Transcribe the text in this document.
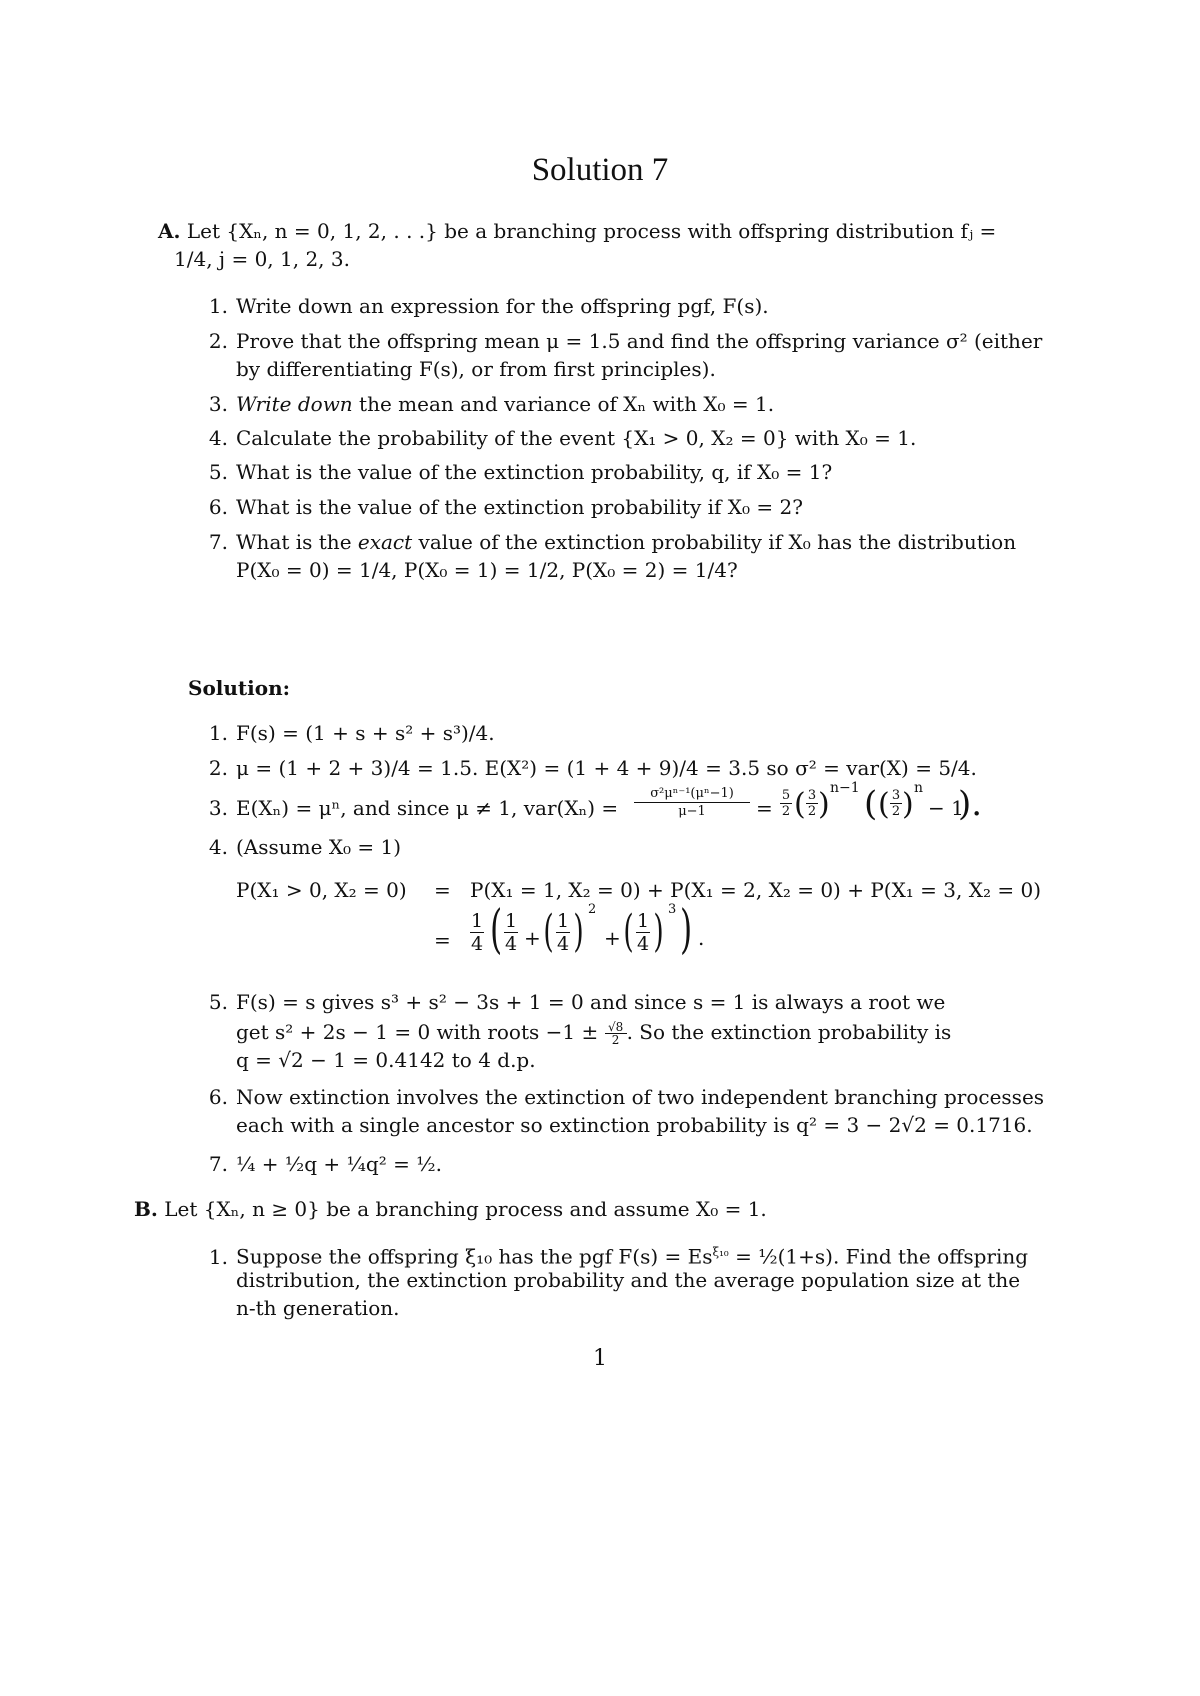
Solution 7
A. Let {Xₙ, n = 0, 1, 2, . . .} be a branching process with offspring distribution fⱼ =
1/4, j = 0, 1, 2, 3.
1. Write down an expression for the offspring pgf, F(s).
2. Prove that the offspring mean μ = 1.5 and find the offspring variance σ² (either
by differentiating F(s), or from first principles).
3. Write down the mean and variance of Xₙ with X₀ = 1.
4. Calculate the probability of the event {X₁ > 0, X₂ = 0} with X₀ = 1.
5. What is the value of the extinction probability, q, if X₀ = 1?
6. What is the value of the extinction probability if X₀ = 2?
7. What is the exact value of the extinction probability if X₀ has the distribution
P(X₀ = 0) = 1/4, P(X₀ = 1) = 1/2, P(X₀ = 2) = 1/4?
Solution:
1. F(s) = (1 + s + s² + s³)/4.
2. μ = (1 + 2 + 3)/4 = 1.5. E(X²) = (1 + 4 + 9)/4 = 3.5 so σ² = var(X) = 5/4.
3. E(Xₙ) = μⁿ, and since μ ≠ 1, var(Xₙ) =
σ²μⁿ⁻¹(μⁿ−1)
μ−1	=
5
2 ( 3
2 ) n−1 ( ( 3
2 ) n
− 1
).
4. (Assume X₀ = 1)
P(X₁ > 0, X₂ = 0) = P(X₁ = 1, X₂ = 0) + P(X₁ = 2, X₂ = 0) + P(X₁ = 3, X₂ = 0)
=
1
4 ( 1
4 + ( 1
4 ) 2
+ ( 1
4 ) 3 ) .
5. F(s) = s gives s³ + s² − 3s + 1 = 0 and since s = 1 is always a root we
get s² + 2s − 1 = 0 with roots $-1 \pm \frac{√8}{2}$ . So the extinction probability is
q = √2 − 1 = 0.4142 to 4 d.p.
6. Now extinction involves the extinction of two independent branching processes
each with a single ancestor so extinction probability is q² = 3 − 2√2 = 0.1716.
7. ¼ + ½q + ¼q² = ½.
B. Let {Xₙ, n ≥ 0} be a branching process and assume X₀ = 1.
1. Suppose the offspring ξ₁₀ has the pgf $F(s) = Es^{\xi_{10}}$ = ½(1+s). Find the offspring
distribution, the extinction probability and the average population size at the
n-th generation.
1
